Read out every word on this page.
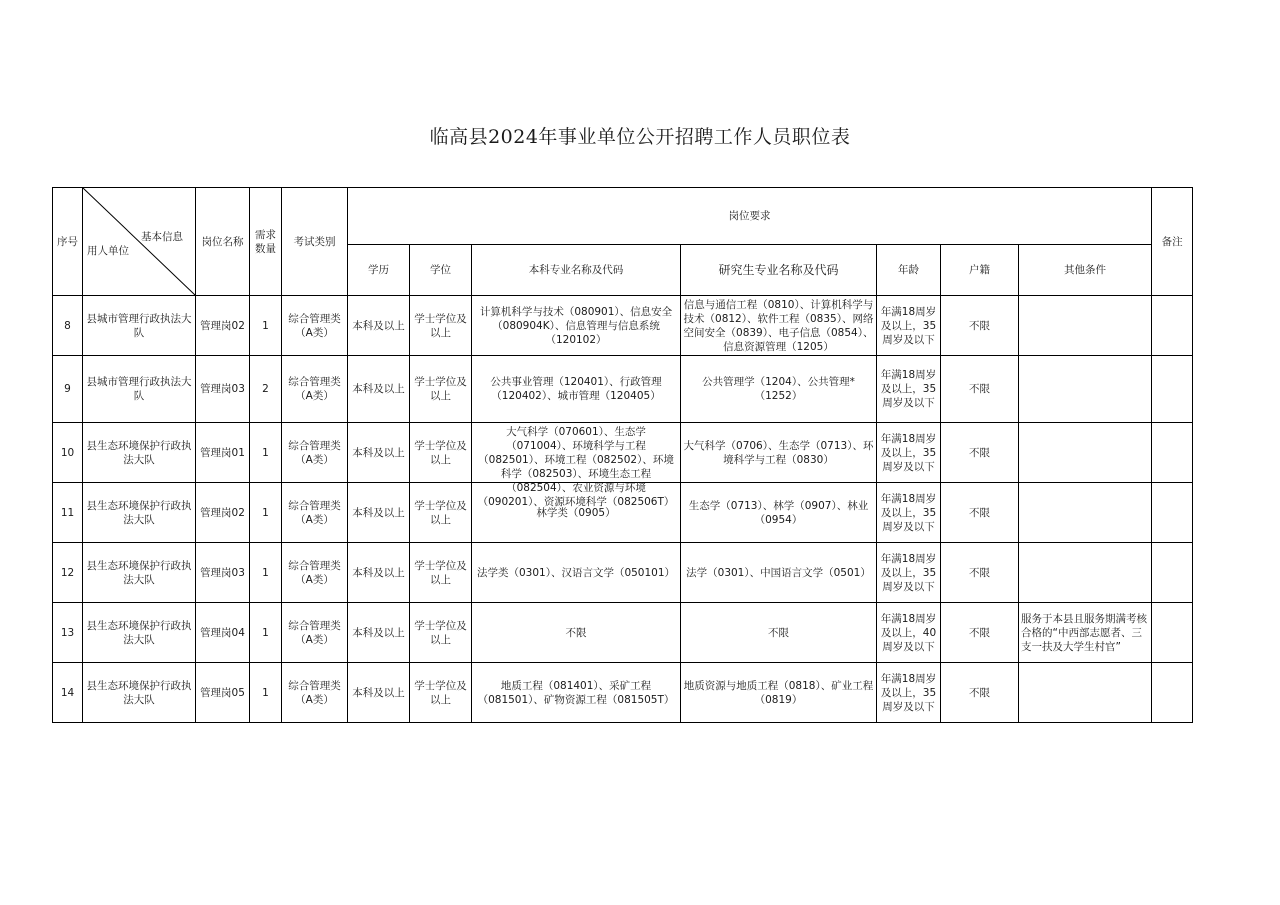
临高县2024年事业单位公开招聘工作人员职位表
序号	基本信息
用人单位	岗位名称	需求数量	考试类别	岗位要求							备注
					学历	学位	本科专业名称及代码	研究生专业名称及代码	年龄	户籍	其他条件	
8	县城市管理行政执法大队	管理岗02	1	综合管理类（A类）	本科及以上	学士学位及以上	计算机科学与技术（080901）、信息安全（080904K）、信息管理与信息系统（120102）	信息与通信工程（0810）、计算机科学与技术（0812）、软件工程（0835）、网络空间安全（0839）、电子信息（0854）、信息资源管理（1205）	年满18周岁及以上，35周岁及以下	不限		
9	县城市管理行政执法大队	管理岗03	2	综合管理类（A类）	本科及以上	学士学位及以上	公共事业管理（120401）、行政管理（120402）、城市管理（120405）	公共管理学（1204）、公共管理*（1252）	年满18周岁及以上，35周岁及以下	不限		
10	县生态环境保护行政执法大队	管理岗01	1	综合管理类（A类）	本科及以上	学士学位及以上	大气科学（070601）、生态学（071004）、环境科学与工程（082501）、环境工程（082502）、环境科学（082503）、环境生态工程（082504）、农业资源与环境（090201）、资源环境科学（082506T）	大气科学（0706）、生态学（0713）、环境科学与工程（0830）	年满18周岁及以上，35周岁及以下	不限		
11	县生态环境保护行政执法大队	管理岗02	1	综合管理类（A类）	本科及以上	学士学位及以上	林学类（0905）	生态学（0713）、林学（0907）、林业（0954）	年满18周岁及以上，35周岁及以下	不限		
12	县生态环境保护行政执法大队	管理岗03	1	综合管理类（A类）	本科及以上	学士学位及以上	法学类（0301）、汉语言文学（050101）	法学（0301）、中国语言文学（0501）	年满18周岁及以上，35周岁及以下	不限		
13	县生态环境保护行政执法大队	管理岗04	1	综合管理类（A类）	本科及以上	学士学位及以上	不限	不限	年满18周岁及以上，40周岁及以下	不限	服务于本县且服务期满考核合格的“中西部志愿者、三支一扶及大学生村官”	
14	县生态环境保护行政执法大队	管理岗05	1	综合管理类（A类）	本科及以上	学士学位及以上	地质工程（081401）、采矿工程（081501）、矿物资源工程（081505T）	地质资源与地质工程（0818）、矿业工程（0819）	年满18周岁及以上，35周岁及以下	不限		
